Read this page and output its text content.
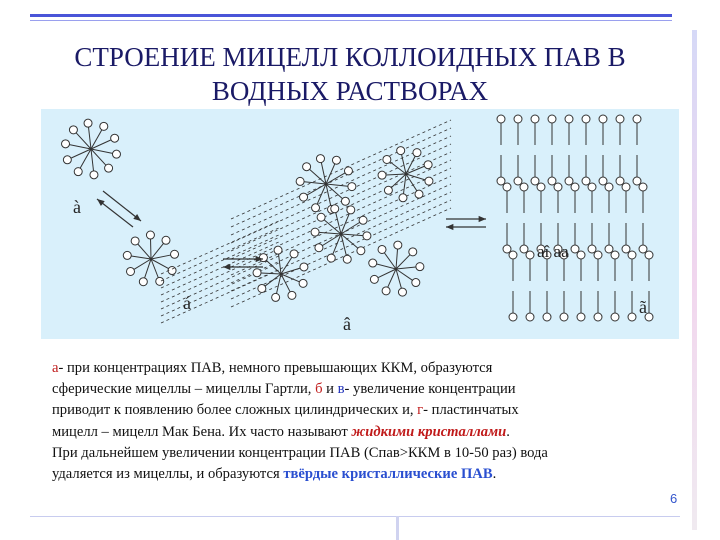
СТРОЕНИЕ МИЦЕЛЛ КОЛЛОИДНЫХ ПАВ В
ВОДНЫХ РАСТВОРАХ
à
á
â
ã
aî aa

а- при концентрациях ПАВ, немного превышающих ККМ, образуются

сферические мицеллы – мицеллы Гартли, б и в- увеличение концентрации

приводит к появлению более сложных цилиндрических и, г- пластинчатых

мицелл – мицелл Мак Бена. Их часто называют жидкими кристаллами.

При дальнейшем увеличении концентрации ПАВ (Cпав>ККМ в 10-50 раз) вода

удаляется из мицеллы, и образуются твёрдые кристаллические ПАВ.

6
